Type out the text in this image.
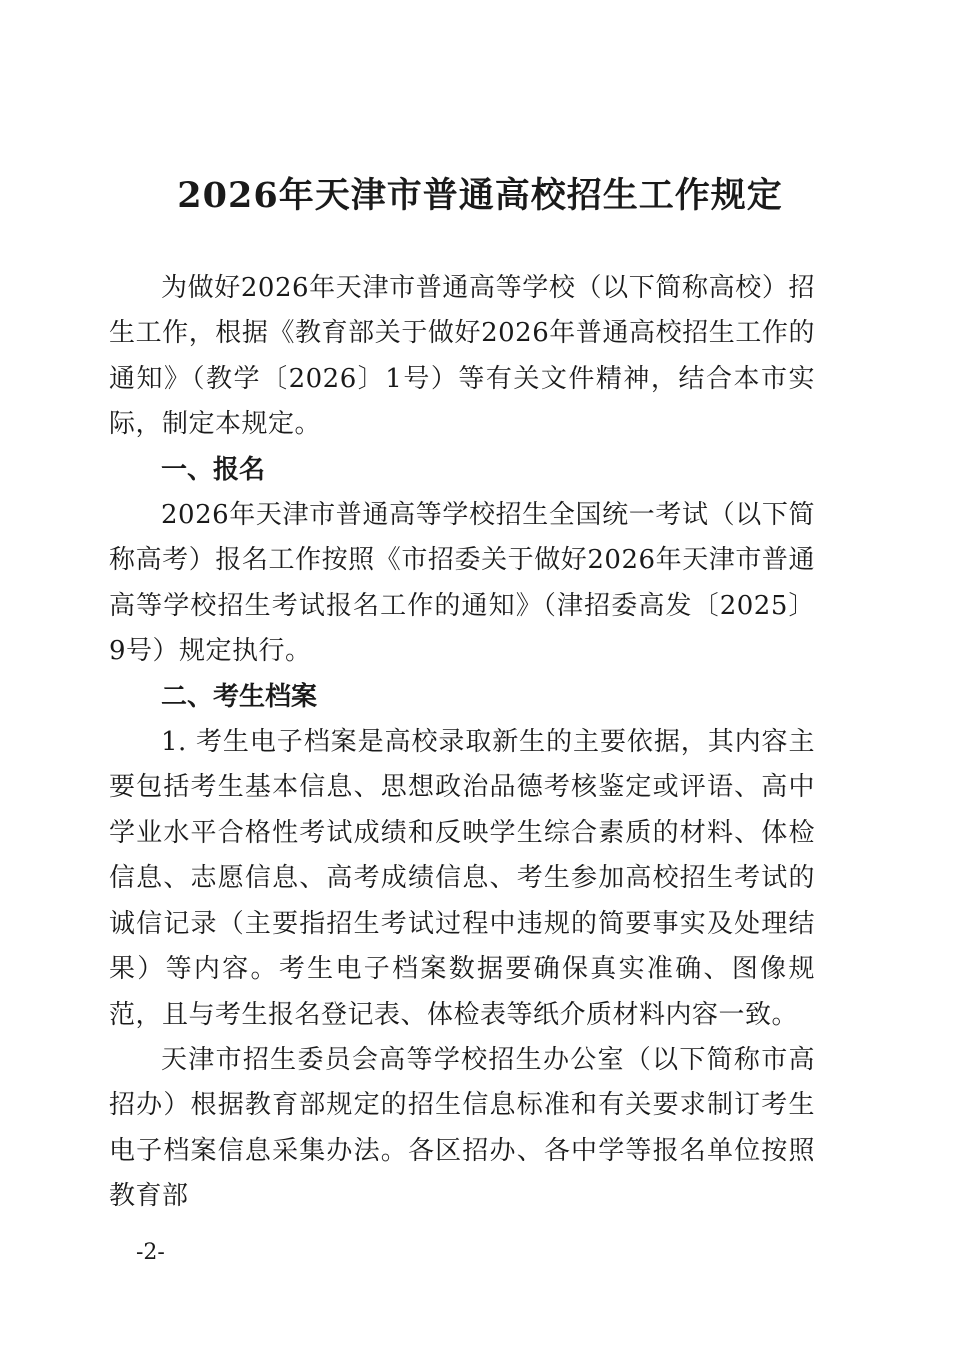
2026年天津市普通高校招生工作规定

为做好2026年天津市普通高等学校（以下简称高校）招生工作，根据《教育部关于做好2026年普通高校招生工作的通知》（教学〔2026〕1号）等有关文件精神，结合本市实际，制定本规定。

一、报名

2026年天津市普通高等学校招生全国统一考试（以下简称高考）报名工作按照《市招委关于做好2026年天津市普通高等学校招生考试报名工作的通知》（津招委高发〔2025〕9号）规定执行。

二、考生档案

1. 考生电子档案是高校录取新生的主要依据，其内容主要包括考生基本信息、思想政治品德考核鉴定或评语、高中学业水平合格性考试成绩和反映学生综合素质的材料、体检信息、志愿信息、高考成绩信息、考生参加高校招生考试的诚信记录（主要指招生考试过程中违规的简要事实及处理结果）等内容。考生电子档案数据要确保真实准确、图像规范，且与考生报名登记表、体检表等纸介质材料内容一致。

天津市招生委员会高等学校招生办公室（以下简称市高招办）根据教育部规定的招生信息标准和有关要求制订考生电子档案信息采集办法。各区招办、各中学等报名单位按照教育部

-2-
